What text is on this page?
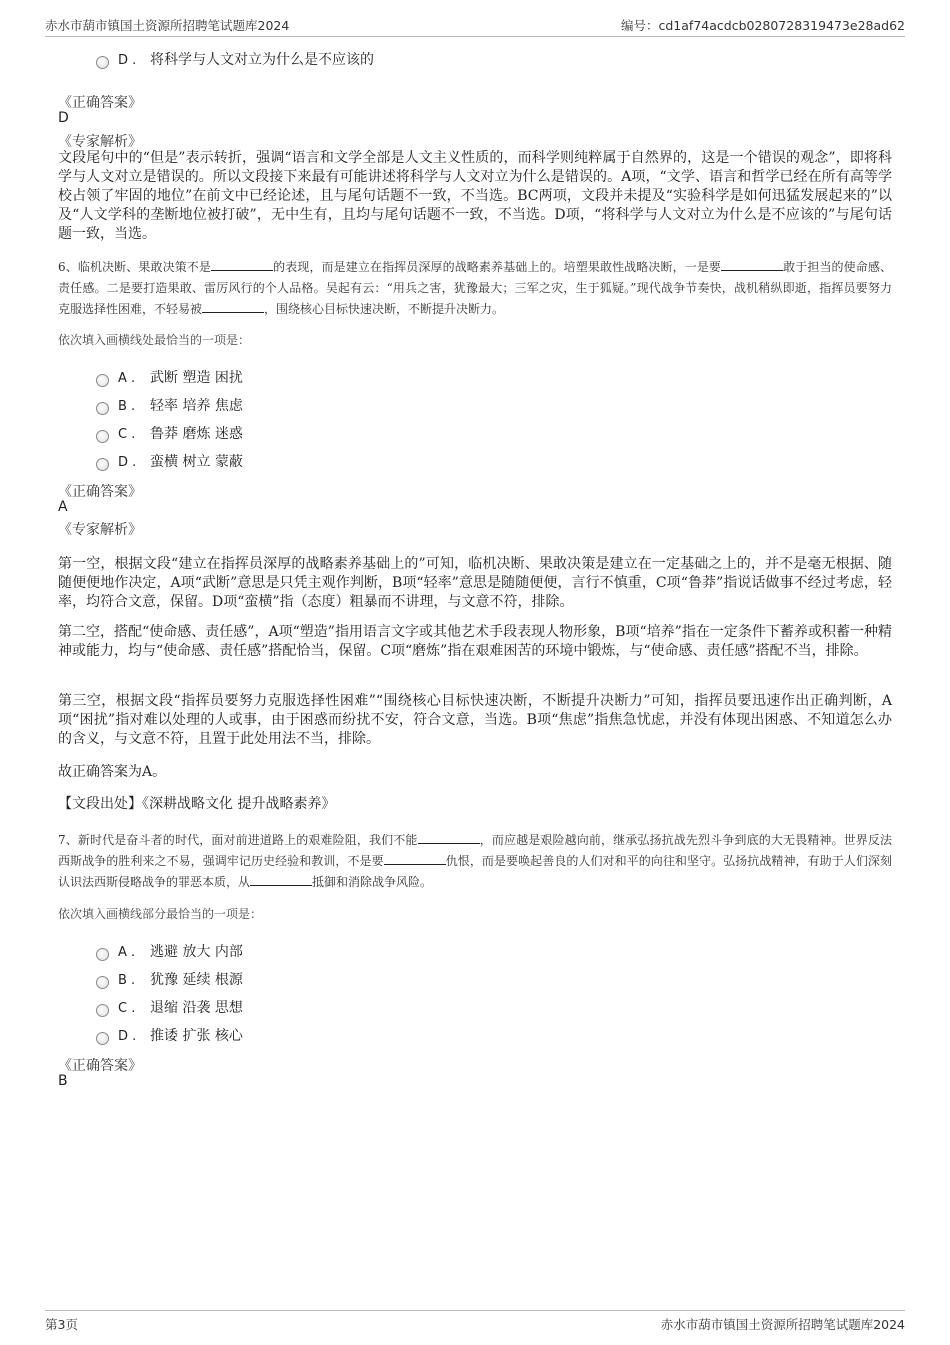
赤水市葫市镇国土资源所招聘笔试题库2024	编号：cd1af74acdcb0280728319473e28ad62
D . 将科学与人文对立为什么是不应该的
《正确答案》
D
《专家解析》
文段尾句中的“但是”表示转折，强调“语言和文学全部是人文主义性质的，而科学则纯粹属于自然界的，这是一个错误的观念”，即将科学与人文对立是错误的。所以文段接下来最有可能讲述将科学与人文对立为什么是错误的。A项，“文学、语言和哲学已经在所有高等学校占领了牢固的地位”在前文中已经论述，且与尾句话题不一致，不当选。BC两项，文段并未提及“实验科学是如何迅猛发展起来的”以及“人文学科的垄断地位被打破”，无中生有，且均与尾句话题不一致，不当选。D项，“将科学与人文对立为什么是不应该的”与尾句话题一致，当选。
6、临机决断、果敢决策不是	的表现，而是建立在指挥员深厚的战略素养基础上的。培塑果敢性战略决断，一是要	敢于担当的使命感、责任感。二是要打造果敢、雷厉风行的个人品格。吴起有云：“用兵之害，犹豫最大；三军之灾，生于狐疑。”现代战争节奏快，战机稍纵即逝，指挥员要努力克服选择性困难，不轻易被	，围绕核心目标快速决断，不断提升决断力。
依次填入画横线处最恰当的一项是：
A . 武断 塑造 困扰
B . 轻率 培养 焦虑
C . 鲁莽 磨炼 迷惑
D . 蛮横 树立 蒙蔽
《正确答案》
A
《专家解析》
第一空，根据文段“建立在指挥员深厚的战略素养基础上的”可知，临机决断、果敢决策是建立在一定基础之上的，并不是毫无根据、随随便便地作决定，A项“武断”意思是只凭主观作判断，B项“轻率”意思是随随便便，言行不慎重，C项“鲁莽”指说话做事不经过考虑，轻率，均符合文意，保留。D项“蛮横”指（态度）粗暴而不讲理，与文意不符，排除。
第二空，搭配“使命感、责任感”，A项“塑造”指用语言文字或其他艺术手段表现人物形象，B项“培养”指在一定条件下蓄养或积蓄一种精神或能力，均与“使命感、责任感”搭配恰当，保留。C项“磨炼”指在艰难困苦的环境中锻炼，与“使命感、责任感”搭配不当，排除。
第三空，根据文段“指挥员要努力克服选择性困难”“围绕核心目标快速决断，不断提升决断力”可知，指挥员要迅速作出正确判断，A项“困扰”指对难以处理的人或事，由于困惑而纷扰不安，符合文意，当选。B项“焦虑”指焦急忧虑，并没有体现出困惑、不知道怎么办的含义，与文意不符，且置于此处用法不当，排除。
故正确答案为A。
【文段出处】《深耕战略文化 提升战略素养》
7、新时代是奋斗者的时代，面对前进道路上的艰难险阻，我们不能	，而应越是艰险越向前，继承弘扬抗战先烈斗争到底的大无畏精神。世界反法西斯战争的胜利来之不易，强调牢记历史经验和教训，不是要	仇恨，而是要唤起善良的人们对和平的向往和坚守。弘扬抗战精神，有助于人们深刻认识法西斯侵略战争的罪恶本质，从	抵御和消除战争风险。
依次填入画横线部分最恰当的一项是：
A . 逃避 放大 内部
B . 犹豫 延续 根源
C . 退缩 沿袭 思想
D . 推诿 扩张 核心
《正确答案》
B
第3页	赤水市葫市镇国土资源所招聘笔试题库2024
